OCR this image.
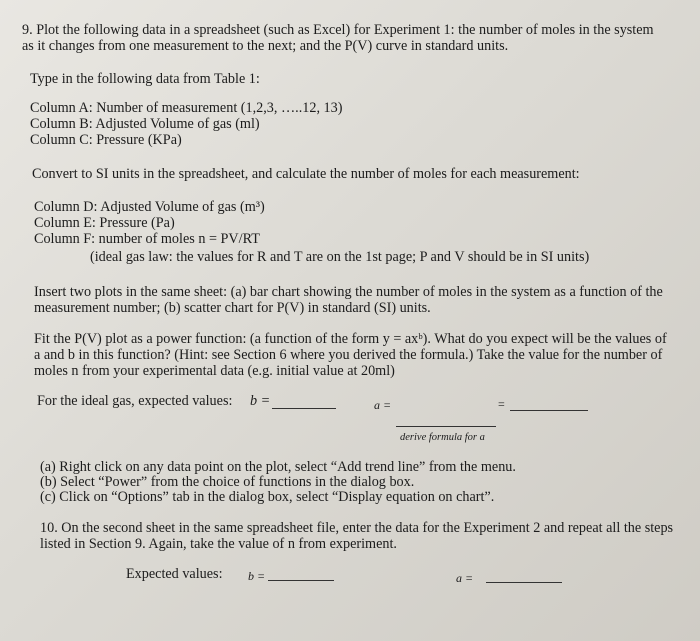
9. Plot the following data in a spreadsheet (such as Excel) for Experiment 1: the number of moles in the system
as it changes from one measurement to the next; and the P(V) curve in standard units.
Type in the following data from Table 1:
Column A: Number of measurement (1,2,3, …..12, 13)
Column B: Adjusted Volume of gas (ml)
Column C: Pressure (KPa)
Convert to SI units in the spreadsheet, and calculate the number of moles for each measurement:
Column D: Adjusted Volume of gas (m³)
Column E: Pressure (Pa)
Column F: number of moles n = PV/RT
(ideal gas law: the values for R and T are on the 1st page; P and V should be in SI units)
Insert two plots in the same sheet: (a) bar chart showing the number of moles in the system as a function of the
measurement number; (b) scatter chart for P(V) in standard (SI) units.
Fit the P(V) plot as a power function: (a function of the form y = axᵇ). What do you expect will be the values of
a and b in this function? (Hint: see Section 6 where you derived the formula.) Take the value for the number of
moles n from your experimental data (e.g. initial value at 20ml)
For the ideal gas, expected values: b =	a =	=
derive formula for a
(a) Right click on any data point on the plot, select “Add trend line” from the menu.
(b) Select “Power” from the choice of functions in the dialog box.
(c) Click on “Options” tab in the dialog box, select “Display equation on chart”.
10. On the second sheet in the same spreadsheet file, enter the data for the Experiment 2 and repeat all the steps
listed in Section 9. Again, take the value of n from experiment.
Expected values: b =	a =
